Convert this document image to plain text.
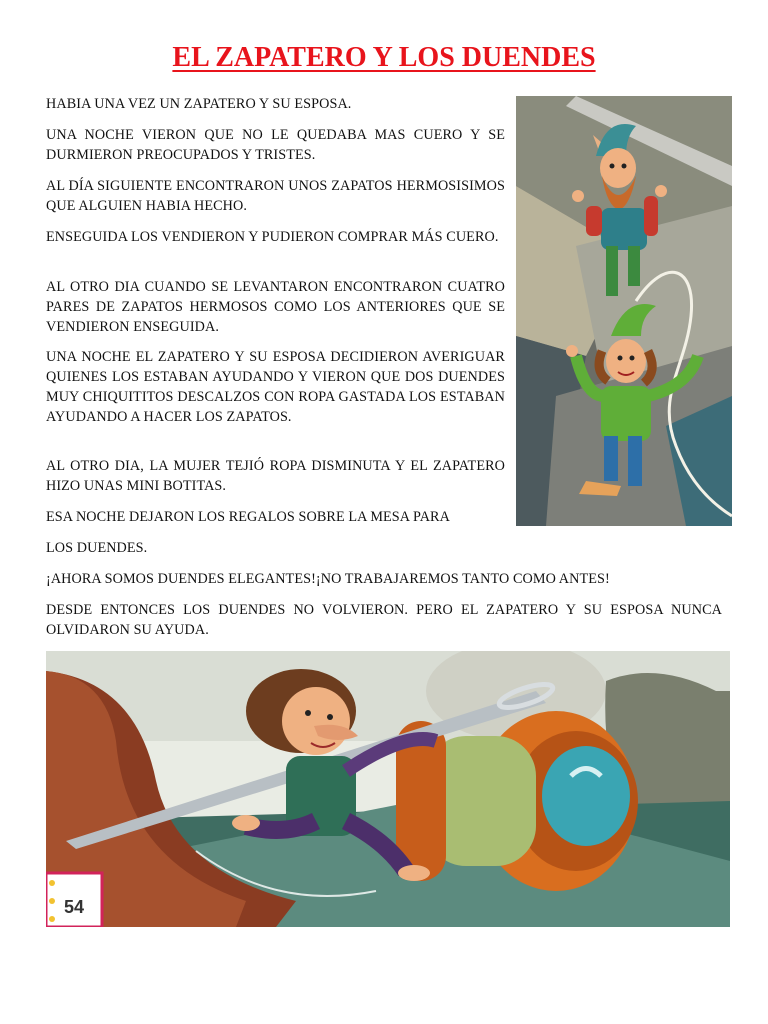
EL ZAPATERO Y LOS DUENDES

HABIA UNA VEZ UN ZAPATERO Y SU ESPOSA.

UNA NOCHE VIERON QUE NO LE QUEDABA MAS CUERO Y SE DURMIERON PREOCUPADOS Y TRISTES.

AL DÍA SIGUIENTE ENCONTRARON UNOS ZAPATOS HERMOSISIMOS QUE ALGUIEN HABIA HECHO.

ENSEGUIDA LOS VENDIERON Y PUDIERON COMPRAR MÁS CUERO.

AL OTRO DIA CUANDO SE LEVANTARON ENCONTRARON CUATRO PARES DE ZAPATOS HERMOSOS COMO LOS ANTERIORES QUE SE VENDIERON ENSEGUIDA.

UNA NOCHE EL ZAPATERO Y SU ESPOSA DECIDIERON AVERIGUAR QUIENES LOS ESTABAN AYUDANDO Y VIERON QUE DOS DUENDES MUY CHIQUITITOS DESCALZOS CON ROPA GASTADA LOS ESTABAN AYUDANDO A HACER LOS ZAPATOS.

AL OTRO DIA, LA MUJER TEJIÓ ROPA DISMINUTA Y EL ZAPATERO HIZO UNAS MINI BOTITAS.

ESA NOCHE DEJARON LOS REGALOS SOBRE LA MESA PARA

LOS DUENDES.

¡AHORA SOMOS DUENDES ELEGANTES!¡NO TRABAJAREMOS TANTO COMO ANTES!

DESDE ENTONCES LOS DUENDES NO VOLVIERON. PERO EL ZAPATERO Y SU ESPOSA NUNCA OLVIDARON SU AYUDA.

54
